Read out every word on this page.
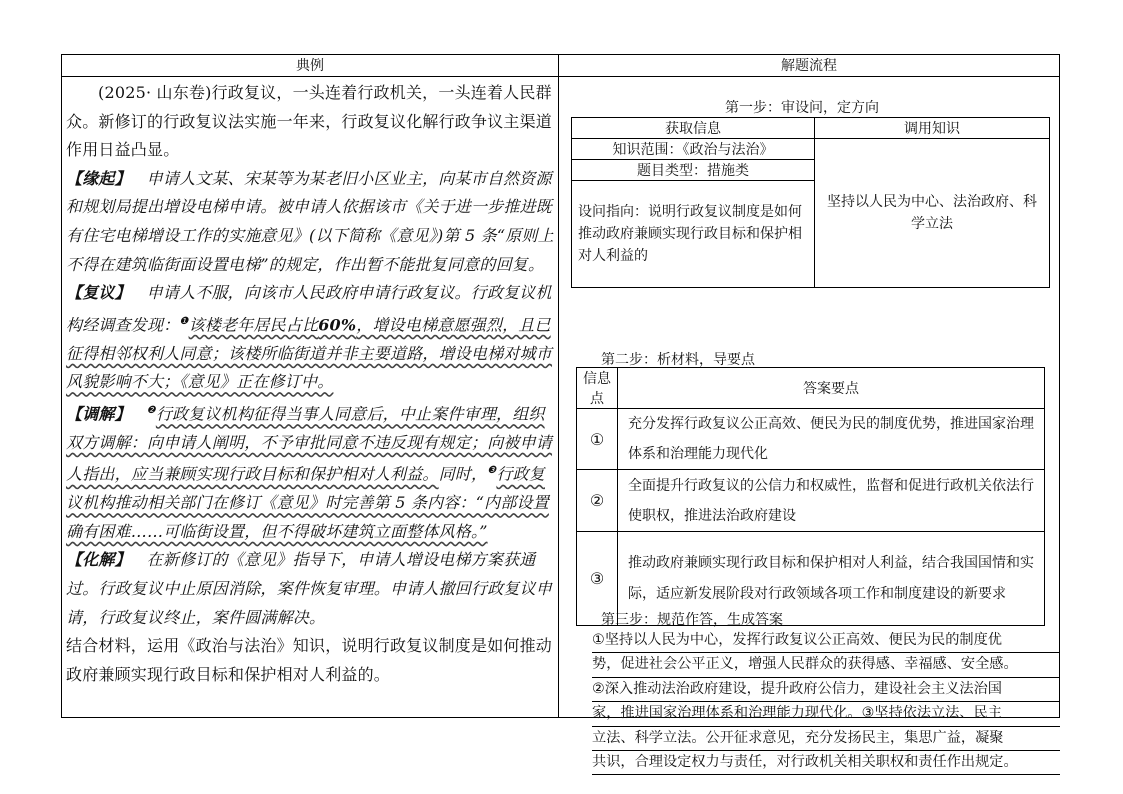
典例	解题流程

(2025· 山东卷)行政复议，一头连着行政机关，一头连着人民群众。新修订的行政复议法实施一年来，行政复议化解行政争议主渠道作用日益凸显。

【缘起】 申请人文某、宋某等为某老旧小区业主，向某市自然资源和规划局提出增设电梯申请。被申请人依据该市《关于进一步推进既有住宅电梯增设工作的实施意见》(以下简称《意见》)第 5 条“原则上不得在建筑临街面设置电梯”的规定，作出暂不能批复同意的回复。

【复议】 申请人不服，向该市人民政府申请行政复议。行政复议机构经调查发现：$^❶$该楼老年居民占比60%，增设电梯意愿强烈，且已征得相邻权利人同意；该楼所临街道并非主要道路，增设电梯对城市风貌影响不大；《意见》正在修订中。

【调解】 $^❷$行政复议机构征得当事人同意后，中止案件审理，组织双方调解：向申请人阐明，不予审批同意不违反现有规定；向被申请人指出，应当兼顾实现行政目标和保护相对人利益。同时，$^❸$行政复议机构推动相关部门在修订《意见》时完善第 5 条内容：“内部设置确有困难……可临街设置，但不得破坏建筑立面整体风格。”

【化解】 在新修订的《意见》指导下，申请人增设电梯方案获通过。行政复议中止原因消除，案件恢复审理。申请人撤回行政复议申请，行政复议终止，案件圆满解决。

结合材料，运用《政治与法治》知识，说明行政复议制度是如何推动政府兼顾实现行政目标和保护相对人利益的。

第一步：审设问，定方向
获取信息	调用知识
知识范围：《政治与法治》	坚持以人民为中心、法治政府、科学立法
题目类型：措施类	
设问指向：说明行政复议制度是如何推动政府兼顾实现行政目标和保护相对人利益的	
第二步：析材料，导要点
信息点	答案要点
①	充分发挥行政复议公正高效、便民为民的制度优势，推进国家治理体系和治理能力现代化
②	全面提升行政复议的公信力和权威性，监督和促进行政机关依法行使职权，推进法治政府建设
③	推动政府兼顾实现行政目标和保护相对人利益，结合我国国情和实际，适应新发展阶段对行政领域各项工作和制度建设的新要求
第三步：规范作答，生成答案
①坚持以人民为中心，发挥行政复议公正高效、便民为民的制度优
势，促进社会公平正义，增强人民群众的获得感、幸福感、安全感。
②深入推动法治政府建设，提升政府公信力，建设社会主义法治国
家，推进国家治理体系和治理能力现代化。③坚持依法立法、民主
立法、科学立法。公开征求意见，充分发扬民主，集思广益，凝聚
共识，合理设定权力与责任，对行政机关相关职权和责任作出规定。
